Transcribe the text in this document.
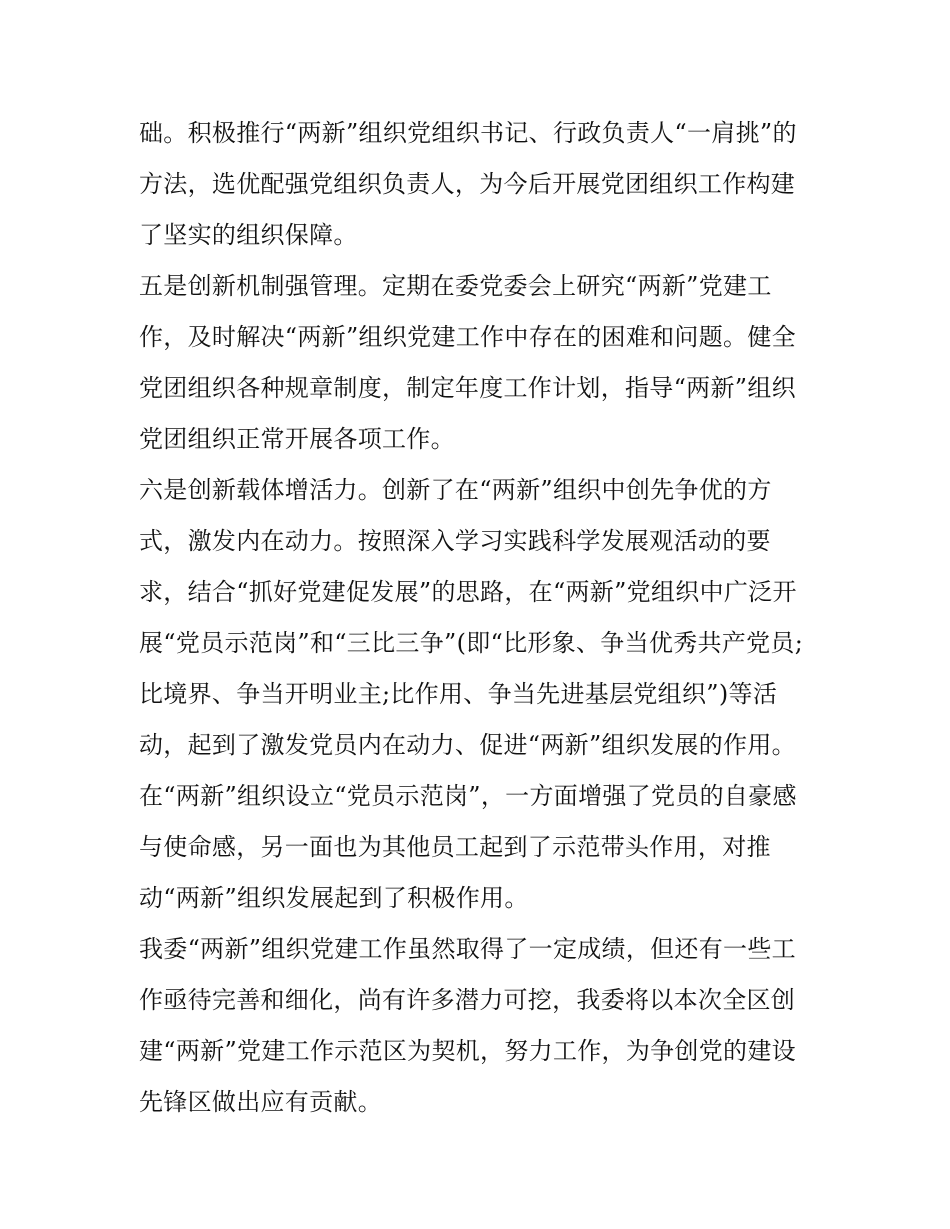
础。积极推行“两新”组织党组织书记、行政负责人“一肩挑”的
方法，选优配强党组织负责人，为今后开展党团组织工作构建
了坚实的组织保障。
五是创新机制强管理。定期在委党委会上研究“两新”党建工
作，及时解决“两新”组织党建工作中存在的困难和问题。健全
党团组织各种规章制度，制定年度工作计划，指导“两新”组织
党团组织正常开展各项工作。
六是创新载体增活力。创新了在“两新”组织中创先争优的方
式，激发内在动力。按照深入学习实践科学发展观活动的要
求，结合“抓好党建促发展”的思路，在“两新”党组织中广泛开
展“党员示范岗”和“三比三争”(即“比形象、争当优秀共产党员;
比境界、争当开明业主;比作用、争当先进基层党组织”)等活
动，起到了激发党员内在动力、促进“两新”组织发展的作用。
在“两新”组织设立“党员示范岗”，一方面增强了党员的自豪感
与使命感，另一面也为其他员工起到了示范带头作用，对推
动“两新”组织发展起到了积极作用。
我委“两新”组织党建工作虽然取得了一定成绩，但还有一些工
作亟待完善和细化，尚有许多潜力可挖，我委将以本次全区创
建“两新”党建工作示范区为契机，努力工作，为争创党的建设
先锋区做出应有贡献。
